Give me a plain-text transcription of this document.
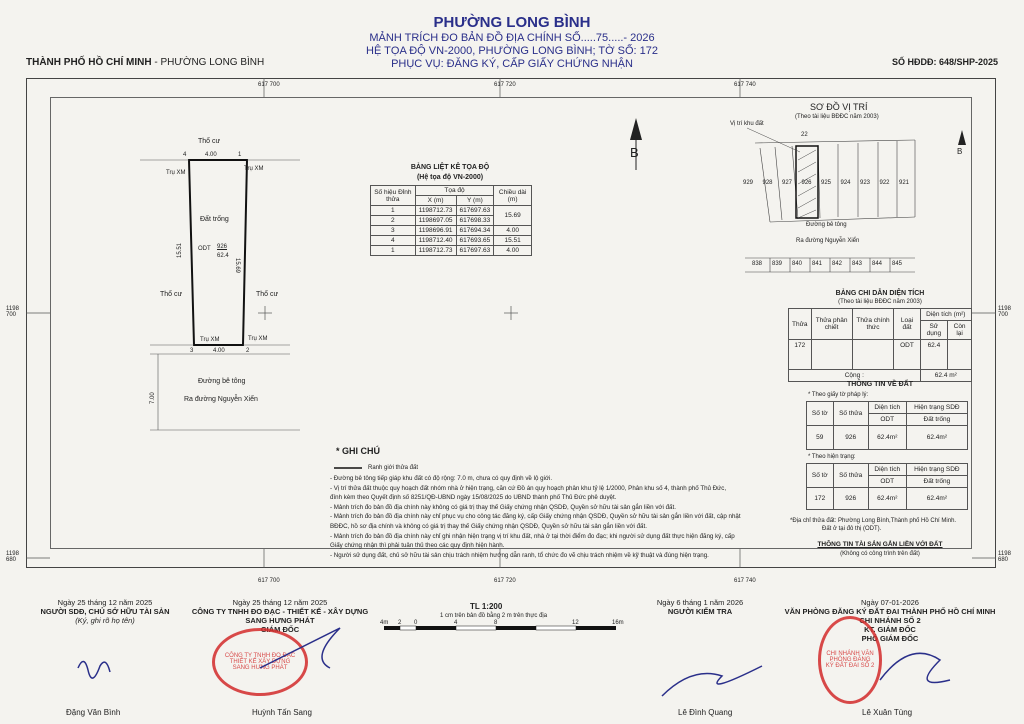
PHƯỜNG LONG BÌNH
MẢNH TRÍCH ĐO BẢN ĐỒ ĐỊA CHÍNH SỐ.....75.....- 2026
HỆ TỌA ĐỘ VN-2000, PHƯỜNG LONG BÌNH; TỜ SỐ: 172
PHỤC VỤ: ĐĂNG KÝ, CẤP GIẤY CHỨNG NHẬN
THÀNH PHỐ HỒ CHÍ MINH - PHƯỜNG LONG BÌNH	SỐ HĐDĐ: 648/SHP-2025
617 700	617 720	617 740
617 700	617 720	617 740
1198
700
1198
680
1198
700
1198
680
Thổ cư
4.00
4	1
Trụ XM
Trụ XM
Đất trống
ODT 926
62.4
15.51
15.69
Thổ cư	Thổ cư
Trụ XM	Trụ XM
3	4.00	2
Đường bê tông
Ra đường Nguyễn Xiển
7.00
B
BẢNG LIỆT KÊ TỌA ĐỘ
(Hệ tọa độ VN-2000)
Số hiệu Đỉnh thửa	Tọa độ		Chiều dài (m)
	X (m)	Y (m)	
1	1198712.73	617697.63	15.69
2	1198697.05	617698.33	
3	1198696.91	617694.34	4.00
4	1198712.40	617693.65	15.51
1	1198712.73	617697.63	4.00
SƠ ĐỒ VỊ TRÍ
(Theo tài liệu BĐĐC năm 2003)
Vị trí khu đất
22
929 928 927 926 925 924 923 922 921
Đường bê tông
Ra đường Nguyễn Xiển
838 839 840 841 842 843 844 845
B
BẢNG CHI DẪN DIỆN TÍCH
(Theo tài liệu BĐĐC năm 2003)
Thửa	Thửa phân chiết	Thửa chính thức	Loại đất	Diện tích (m²)	
				Sử dụng	Còn lại
172			ODT	62.4	
Cộng :				62.4 m²	
THÔNG TIN VỀ ĐẤT
* Theo giấy tờ pháp lý:
Số tờ	Số thửa	Diện tích	Hiện trạng SDĐ
		ODT	Đất trống
59	926	62.4m²	62.4m²
* Theo hiện trạng:
Số tờ	Số thửa	Diện tích	Hiện trạng SDĐ
		ODT	Đất trống
172	926	62.4m²	62.4m²
*Địa chỉ thửa đất: Phường Long Bình,Thành phố Hồ Chí Minh.
Đất ở tại đô thị (ODT).
THÔNG TIN TÀI SẢN GẮN LIỀN VỚI ĐẤT
(Không có công trình trên đất)
* GHI CHÚ
Ranh giới thửa đất
- Đường bê tông tiếp giáp khu đất có độ rộng: 7.0 m, chưa có quy định về lộ giới.
- Vị trí thửa đất thuộc quy hoạch đất nhóm nhà ở hiện trạng, căn cứ Đồ án quy hoạch phân khu tỷ lệ 1/2000, Phân khu số 4, thành phố Thủ Đức,
đính kèm theo Quyết định số 8251/QĐ-UBND ngày 15/08/2025 do UBND thành phố Thủ Đức phê duyệt.
- Mảnh trích đo bản đồ địa chính này không có giá trị thay thế Giấy chứng nhận QSDĐ, Quyền sở hữu tài sản gắn liền với đất.
- Mảnh trích đo bản đồ địa chính này chỉ phục vụ cho công tác đăng ký, cấp Giấy chứng nhận QSDĐ, Quyền sở hữu tài sản gắn liền với đất, cập nhật
BĐĐC, hồ sơ địa chính và không có giá trị thay thế Giấy chứng nhận QSDĐ, Quyền sở hữu tài sản gắn liền với đất.
- Mảnh trích đo bản đồ địa chính này chỉ ghi nhận hiện trạng vị trí khu đất, nhà ở tại thời điểm đo đạc; khi người sử dụng đất thực hiện đăng ký, cấp
Giấy chứng nhận thì phải tuân thủ theo các quy định hiện hành.
- Người sử dụng đất, chủ sở hữu tài sản chịu trách nhiệm hướng dẫn ranh, tổ chức đo vẽ chịu trách nhiệm về kỹ thuật và đúng hiện trạng.
TL 1:200
1 cm trên bản đồ bằng 2 m trên thực địa
4m 2 0	4	8	12	16m
Ngày 25 tháng 12 năm 2025
NGƯỜI SDĐ, CHỦ SỞ HỮU TÀI SẢN
(Ký, ghi rõ họ tên)
Ngày 25 tháng 12 năm 2025
CÔNG TY TNHH ĐO ĐẠC - THIẾT KẾ - XÂY DỰNG
SANG HƯNG PHÁT
GIÁM ĐỐC
Ngày 6 tháng 1 năm 2026
NGƯỜI KIỂM TRA
Ngày 07-01-2026
VĂN PHÒNG ĐĂNG KÝ ĐẤT ĐAI THÀNH PHỐ HỒ CHÍ MINH
CHI NHÁNH SỐ 2
KT. GIÁM ĐỐC
PHÓ GIÁM ĐỐC
CÔNG TY TNHH ĐO ĐẠC THIẾT KẾ XÂY DỰNG SANG HƯNG PHÁT
CHI NHÁNH VĂN PHÒNG ĐĂNG KÝ ĐẤT ĐAI SỐ 2
Đặng Văn Bình	Huỳnh Tấn Sang	Lê Đình Quang	Lê Xuân Tùng
